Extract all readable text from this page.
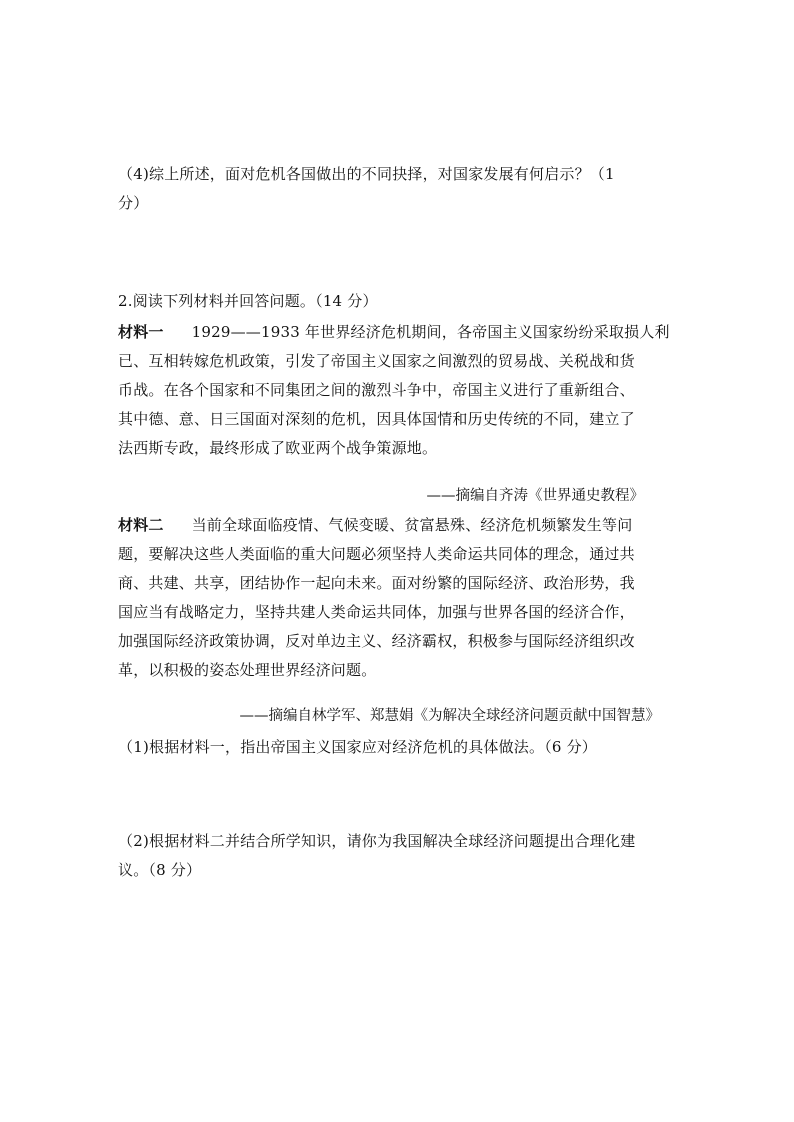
（4)综上所述，面对危机各国做出的不同抉择，对国家发展有何启示？（1
分）
2.阅读下列材料并回答问题。（14 分）
材料一 1929——1933 年世界经济危机期间，各帝国主义国家纷纷采取损人利
已、互相转嫁危机政策，引发了帝国主义国家之间激烈的贸易战、关税战和货
币战。在各个国家和不同集团之间的激烈斗争中，帝国主义进行了重新组合、
其中德、意、日三国面对深刻的危机，因具体国情和历史传统的不同，建立了
法西斯专政，最终形成了欧亚两个战争策源地。
——摘编自齐涛《世界通史教程》
材料二 当前全球面临疫情、气候变暖、贫富悬殊、经济危机频繁发生等问
题，要解决这些人类面临的重大问题必须坚持人类命运共同体的理念，通过共
商、共建、共享，团结协作一起向未来。面对纷繁的国际经济、政治形势，我
国应当有战略定力，坚持共建人类命运共同体，加强与世界各国的经济合作，
加强国际经济政策协调，反对单边主义、经济霸权，积极参与国际经济组织改
革，以积极的姿态处理世界经济问题。
——摘编自林学军、郑慧娟《为解决全球经济问题贡献中国智慧》
（1)根据材料一，指出帝国主义国家应对经济危机的具体做法。（6 分）
（2)根据材料二并结合所学知识，请你为我国解决全球经济问题提出合理化建
议。（8 分）
